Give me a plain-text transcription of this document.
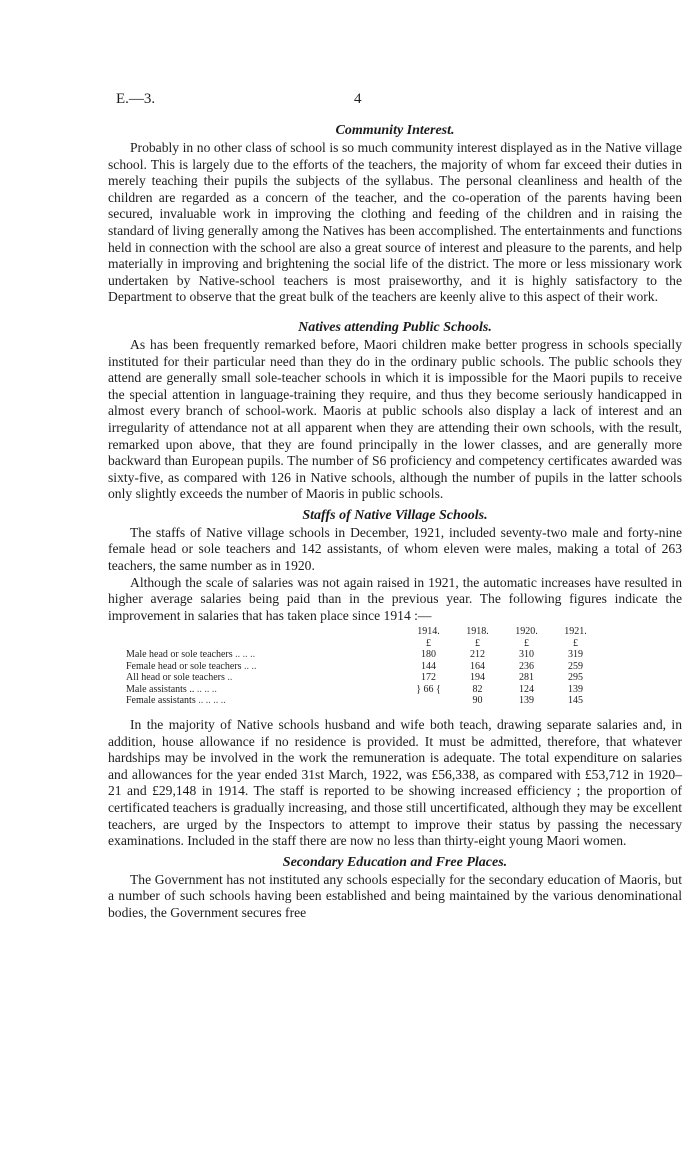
E.—3.	4
Community Interest.

Probably in no other class of school is so much community interest displayed as in the Native village school. This is largely due to the efforts of the teachers, the majority of whom far exceed their duties in merely teaching their pupils the subjects of the syllabus. The personal cleanliness and health of the children are regarded as a concern of the teacher, and the co-operation of the parents having been secured, invaluable work in improving the clothing and feeding of the children and in raising the standard of living generally among the Natives has been accomplished. The entertainments and functions held in connection with the school are also a great source of interest and pleasure to the parents, and help materially in improving and brightening the social life of the district. The more or less missionary work undertaken by Native-school teachers is most praiseworthy, and it is highly satisfactory to the Department to observe that the great bulk of the teachers are keenly alive to this aspect of their work.

Natives attending Public Schools.

As has been frequently remarked before, Maori children make better progress in schools specially instituted for their particular need than they do in the ordinary public schools. The public schools they attend are generally small sole-teacher schools in which it is impossible for the Maori pupils to receive the special attention in language-training they require, and thus they become seriously handicapped in almost every branch of school-work. Maoris at public schools also display a lack of interest and an irregularity of attendance not at all apparent when they are attending their own schools, with the result, remarked upon above, that they are found principally in the lower classes, and are generally more backward than European pupils. The number of S6 proficiency and competency certificates awarded was sixty-five, as compared with 126 in Native schools, although the number of pupils in the latter schools only slightly exceeds the number of Maoris in public schools.

Staffs of Native Village Schools.

The staffs of Native village schools in December, 1921, included seventy-two male and forty-nine female head or sole teachers and 142 assistants, of whom eleven were males, making a total of 263 teachers, the same number as in 1920.

Although the scale of salaries was not again raised in 1921, the automatic increases have resulted in higher average salaries being paid than in the previous year. The following figures indicate the improvement in salaries that has taken place since 1914 :—

	1914.	1918.	1920.	1921.
	£	£	£	£
Male head or sole teachers .. .. ..	180	212	310	319
Female head or sole teachers .. ..	144	164	236	259
All head or sole teachers ..	172	194	281	295
Male assistants .. .. .. ..	} 66 {	82	124	139
Female assistants .. .. .. ..		90	139	145

In the majority of Native schools husband and wife both teach, drawing separate salaries and, in addition, house allowance if no residence is provided. It must be admitted, therefore, that whatever hardships may be involved in the work the remuneration is adequate. The total expenditure on salaries and allowances for the year ended 31st March, 1922, was £56,338, as compared with £53,712 in 1920–21 and £29,148 in 1914. The staff is reported to be showing increased efficiency ; the proportion of certificated teachers is gradually increasing, and those still uncertificated, although they may be excellent teachers, are urged by the Inspectors to attempt to improve their status by passing the necessary examinations. Included in the staff there are now no less than thirty-eight young Maori women.

Secondary Education and Free Places.

The Government has not instituted any schools especially for the secondary education of Maoris, but a number of such schools having been established and being maintained by the various denominational bodies, the Government secures free
